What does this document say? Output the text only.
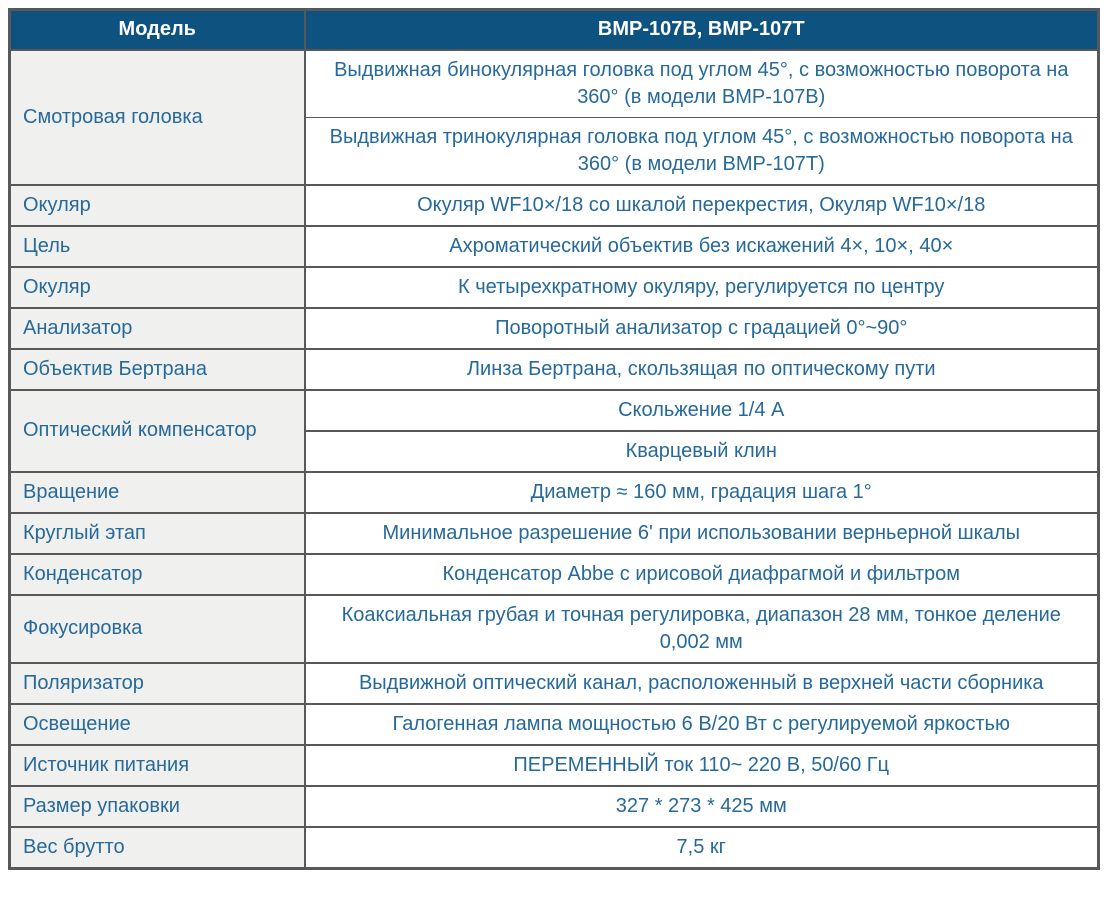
Модель	BMP-107B, BMP-107T
Смотровая головка	Выдвижная бинокулярная головка под углом 45°, с возможностью поворота на 360° (в модели BMP-107B)
	Выдвижная тринокулярная головка под углом 45°, с возможностью поворота на 360° (в модели BMP-107T)
Окуляр	Окуляр WF10×/18 со шкалой перекрестия, Окуляр WF10×/18
Цель	Ахроматический объектив без искажений 4×, 10×, 40×
Окуляр	К четырехкратному окуляру, регулируется по центру
Анализатор	Поворотный анализатор с градацией 0°~90°
Объектив Бертрана	Линза Бертрана, скользящая по оптическому пути
Оптический компенсатор	Скольжение 1/4 А
	Кварцевый клин
Вращение	Диаметр ≈ 160 мм, градация шага 1°
Круглый этап	Минимальное разрешение 6' при использовании верньерной шкалы
Конденсатор	Конденсатор Abbe с ирисовой диафрагмой и фильтром
Фокусировка	Коаксиальная грубая и точная регулировка, диапазон 28 мм, тонкое деление 0,002 мм
Поляризатор	Выдвижной оптический канал, расположенный в верхней части сборника
Освещение	Галогенная лампа мощностью 6 В/20 Вт с регулируемой яркостью
Источник питания	ПЕРЕМЕННЫЙ ток 110~ 220 В, 50/60 Гц
Размер упаковки	327 * 273 * 425 мм
Вес брутто	7,5 кг
